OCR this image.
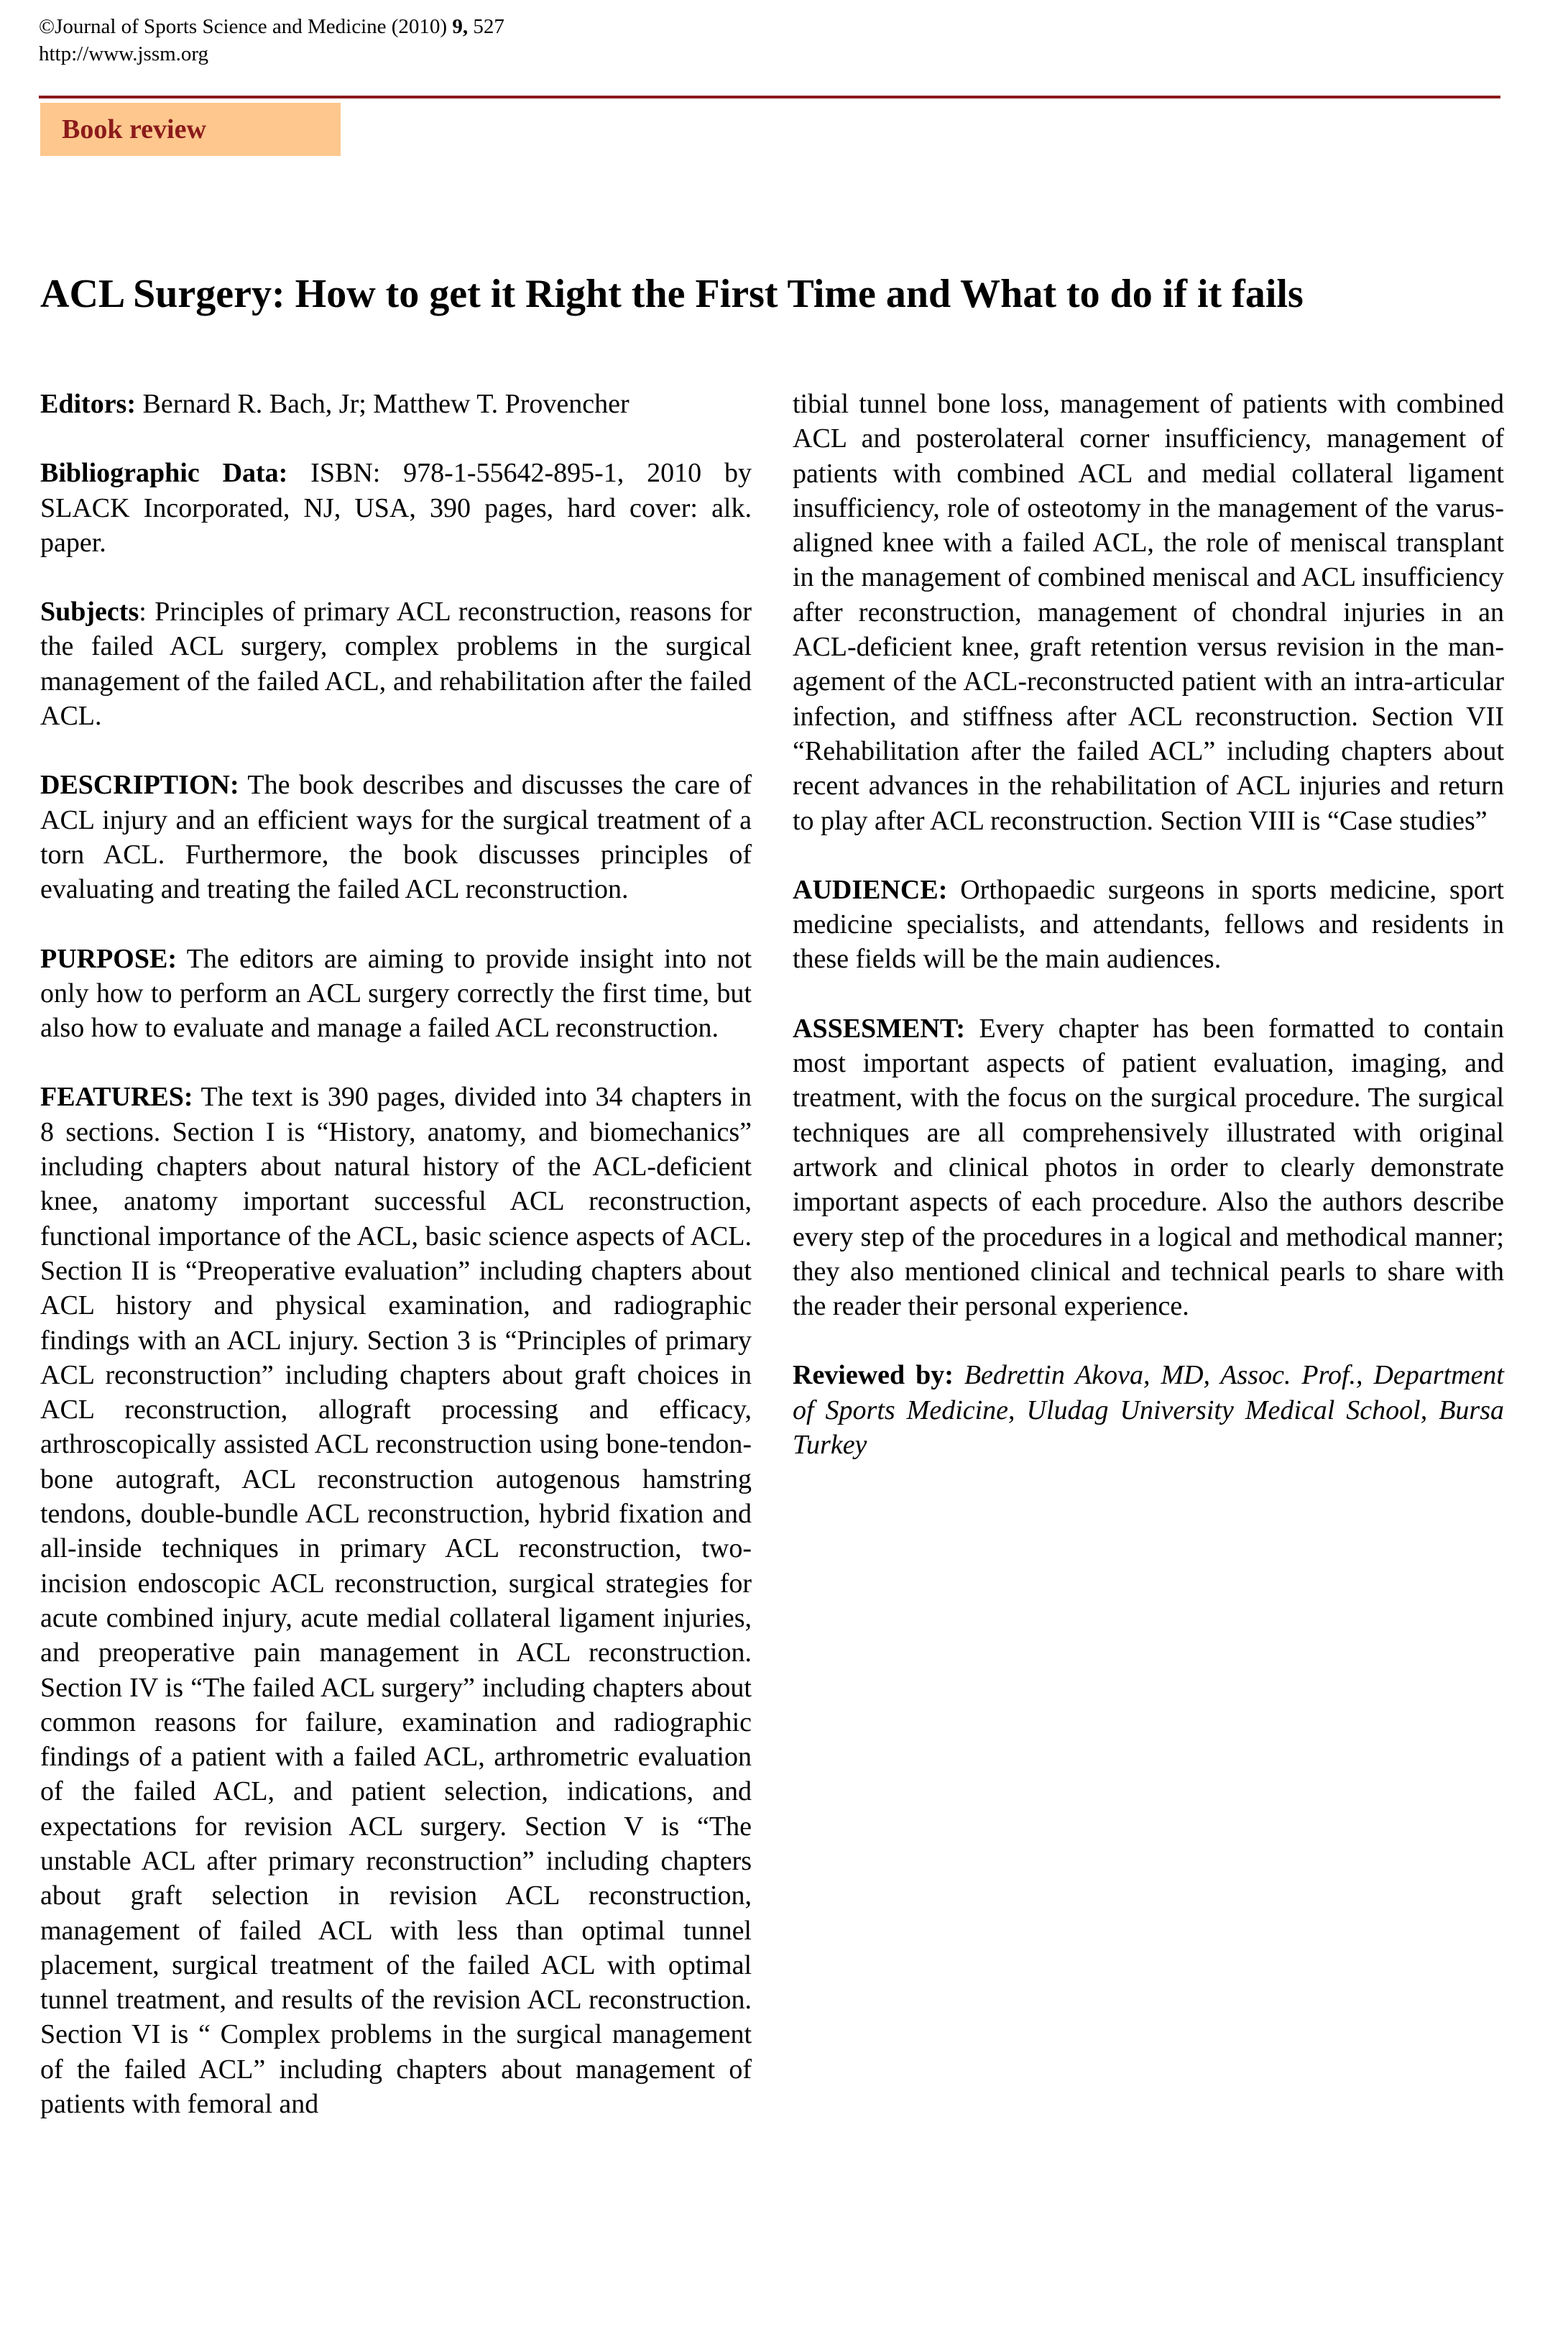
©Journal of Sports Science and Medicine (2010) 9, 527
http://www.jssm.org
Book review
ACL Surgery: How to get it Right the First Time and What to do if it fails

Editors: Bernard R. Bach, Jr; Matthew T. Provencher

Bibliographic Data: ISBN: 978-1-55642-895-1, 2010 by SLACK Incorporated, NJ, USA, 390 pages, hard cover: alk. paper.

Subjects: Principles of primary ACL reconstruction, reasons for the failed ACL surgery, complex problems in the surgical management of the failed ACL, and rehabilitation after the failed ACL.

DESCRIPTION: The book describes and discusses the care of ACL injury and an efficient ways for the surgical treatment of a torn ACL. Furthermore, the book discusses principles of evaluating and treating the failed ACL reconstruction.

PURPOSE: The editors are aiming to provide insight into not only how to perform an ACL surgery correctly the first time, but also how to evaluate and manage a failed ACL reconstruction.

FEATURES: The text is 390 pages, divided into 34 chapters in 8 sections. Section I is “History, anatomy, and biomechanics” including chapters about natural history of the ACL-deficient knee, anatomy important successful ACL reconstruction, functional importance of the ACL, basic science aspects of ACL. Section II is “Preoperative evaluation” including chapters about ACL history and physical examination, and radiographic findings with an ACL injury. Section 3 is “Principles of primary ACL reconstruction” including chapters about graft choices in ACL reconstruction, allograft processing and efficacy, arthroscopically assisted ACL reconstruction using bone-tendon-bone autograft, ACL reconstruction autogenous hamstring tendons, double-bundle ACL reconstruction, hybrid fixation and all-inside techniques in primary ACL reconstruction, two-incision endoscopic ACL reconstruction, surgical strategies for acute combined injury, acute medial collateral ligament injuries, and preoperative pain management in ACL reconstruction. Section IV is “The failed ACL surgery” including chapters about common reasons for failure, examination and radiographic findings of a patient with a failed ACL, arthrometric evaluation of the failed ACL, and patient selection, indications, and expectations for revision ACL surgery. Section V is “The unstable ACL after primary reconstruction” including chapters about graft selection in revision ACL reconstruction, management of failed ACL with less than optimal tunnel placement, surgical treatment of the failed ACL with optimal tunnel treatment, and results of the revision ACL reconstruction. Section VI is “ Complex problems in the surgical management of the failed ACL” including chapters about management of patients with femoral and

tibial tunnel bone loss, management of patients with combined ACL and posterolateral corner insufficiency, management of patients with combined ACL and medial collateral ligament insufficiency, role of osteotomy in the management of the varus-aligned knee with a failed ACL, the role of meniscal transplant in the management of combined meniscal and ACL insufficiency after reconstruction, management of chondral injuries in an ACL-deficient knee, graft retention versus revision in the management of the ACL-reconstructed patient with an intra-articular infection, and stiffness after ACL reconstruction. Section VII “Rehabilitation after the failed ACL” including chapters about recent advances in the rehabilitation of ACL injuries and return to play after ACL reconstruction. Section VIII is “Case studies”

AUDIENCE: Orthopaedic surgeons in sports medicine, sport medicine specialists, and attendants, fellows and residents in these fields will be the main audiences.

ASSESMENT: Every chapter has been formatted to contain most important aspects of patient evaluation, imaging, and treatment, with the focus on the surgical procedure. The surgical techniques are all comprehensively illustrated with original artwork and clinical photos in order to clearly demonstrate important aspects of each procedure. Also the authors describe every step of the procedures in a logical and methodical manner; they also mentioned clinical and technical pearls to share with the reader their personal experience.

Reviewed by: Bedrettin Akova, MD, Assoc. Prof., Department of Sports Medicine, Uludag University Medical School, Bursa Turkey
